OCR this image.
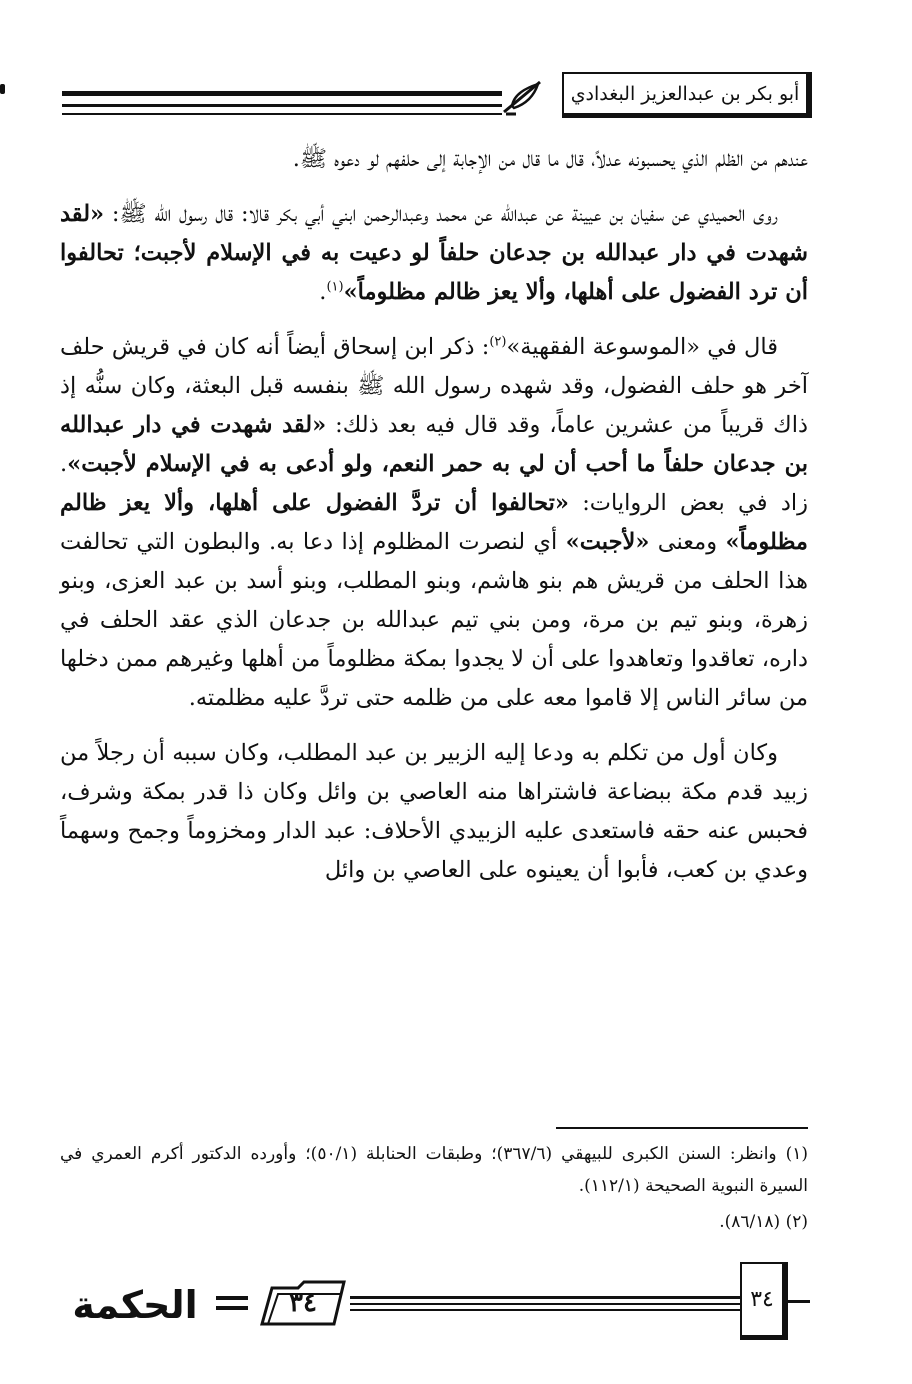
أبو بكر بن عبدالعزيز البغدادي

عندهم من الظلم الذي يحسبونه عدلاً، قال ما قال من الإجابة إلى حلفهم لو دعوه ﷺ.

روى الحميدي عن سفيان بن عيينة عن عبدالله عن محمد وعبدالرحمن ابني أبي بكر قالا: قال رسول الله ﷺ: «لقد شهدت في دار عبدالله بن جدعان حلفاً لو دعيت به في الإسلام لأجبت؛ تحالفوا أن ترد الفضول على أهلها، وألا يعز ظالم مظلوماً»$^{(١)}$.

قال في «الموسوعة الفقهية»$^{(٢)}$: ذكر ابن إسحاق أيضاً أنه كان في قريش حلف آخر هو حلف الفضول، وقد شهده رسول الله ﷺ بنفسه قبل البعثة، وكان سنُّه إذ ذاك قريباً من عشرين عاماً، وقد قال فيه بعد ذلك: «لقد شهدت في دار عبدالله بن جدعان حلفاً ما أحب أن لي به حمر النعم، ولو أدعى به في الإسلام لأجبت». زاد في بعض الروايات: «تحالفوا أن تردَّ الفضول على أهلها، وألا يعز ظالم مظلوماً» ومعنى «لأجبت» أي لنصرت المظلوم إذا دعا به. والبطون التي تحالفت هذا الحلف من قريش هم بنو هاشم، وبنو المطلب، وبنو أسد بن عبد العزى، وبنو زهرة، وبنو تيم بن مرة، ومن بني تيم عبدالله بن جدعان الذي عقد الحلف في داره، تعاقدوا وتعاهدوا على أن لا يجدوا بمكة مظلوماً من أهلها وغيرهم ممن دخلها من سائر الناس إلا قاموا معه على من ظلمه حتى تردَّ عليه مظلمته.

وكان أول من تكلم به ودعا إليه الزبير بن عبد المطلب، وكان سببه أن رجلاً من زبيد قدم مكة ببضاعة فاشتراها منه العاصي بن وائل وكان ذا قدر بمكة وشرف، فحبس عنه حقه فاستعدى عليه الزبيدي الأحلاف: عبد الدار ومخزوماً وجمح وسهماً وعدي بن كعب، فأبوا أن يعينوه على العاصي بن وائل

(١) وانظر: السنن الكبرى للبيهقي (٣٦٧/٦)؛ وطبقات الحنابلة (٥٠/١)؛ وأورده الدكتور أكرم العمري في السيرة النبوية الصحيحة (١١٢/١).
(٢) (٨٦/١٨).
٣٤
٣٤
الحكمة
